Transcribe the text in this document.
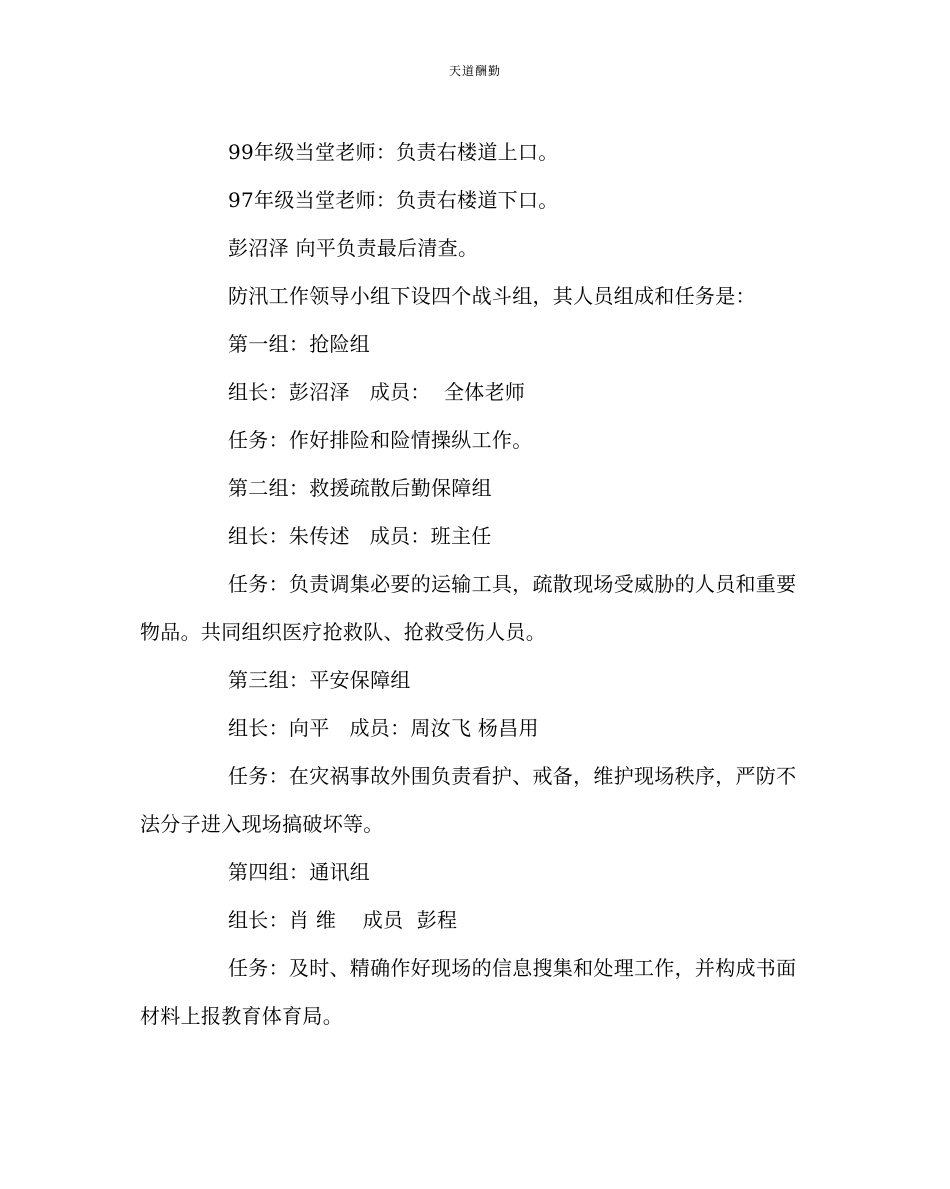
天道酬勤

99年级当堂老师：负责右楼道上口。

97年级当堂老师：负责右楼道下口。

彭沼泽 向平负责最后清查。

防汛工作领导小组下设四个战斗组，其人员组成和任务是：

第一组：抢险组

组长：彭沼泽   成员：  全体老师

任务：作好排险和险情操纵工作。

第二组：救援疏散后勤保障组

组长：朱传述   成员：班主任

任务：负责调集必要的运输工具，疏散现场受威胁的人员和重要物品。共同组织医疗抢救队、抢救受伤人员。

第三组：平安保障组

组长：向平   成员：周汝飞 杨昌用

任务：在灾祸事故外围负责看护、戒备，维护现场秩序，严防不法分子进入现场搞破坏等。

第四组：通讯组

组长：肖 维    成员  彭程

任务：及时、精确作好现场的信息搜集和处理工作，并构成书面材料上报教育体育局。
